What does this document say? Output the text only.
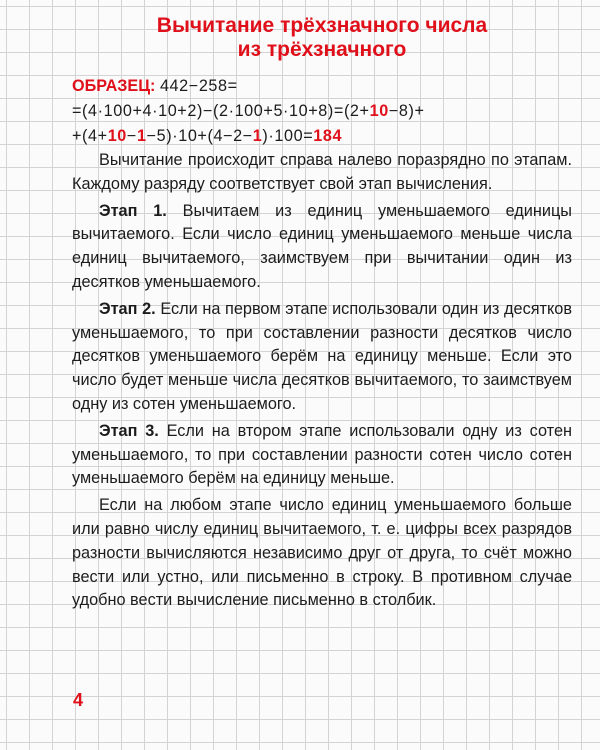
Вычитание трёхзначного числа
из трёхзначного
ОБРАЗЕЦ: 442−258=
=(4·100+4·10+2)−(2·100+5·10+8)=(2+10−8)+
+(4+10−1−5)·10+(4−2−1)·100=184

Вычитание происходит справа налево поразрядно по этапам. Каждому разряду соответствует свой этап вычисления.

Этап 1. Вычитаем из единиц уменьшаемого единицы вычитаемого. Если число единиц уменьшаемого меньше числа единиц вычитаемого, заимствуем при вычитании один из десятков уменьшаемого.

Этап 2. Если на первом этапе использовали один из десятков уменьшаемого, то при составлении разности десятков число десятков уменьшаемого берём на единицу меньше. Если это число будет меньше числа десятков вычитаемого, то заимствуем одну из сотен уменьшаемого.

Этап 3. Если на втором этапе использовали одну из сотен уменьшаемого, то при составлении разности сотен число сотен уменьшаемого берём на единицу меньше.

Если на любом этапе число единиц уменьшаемого больше или равно числу единиц вычитаемого, т. е. цифры всех разрядов разности вычисляются независимо друг от друга, то счёт можно вести или устно, или письменно в строку. В противном случае удобно вести вычисление письменно в столбик.

4
